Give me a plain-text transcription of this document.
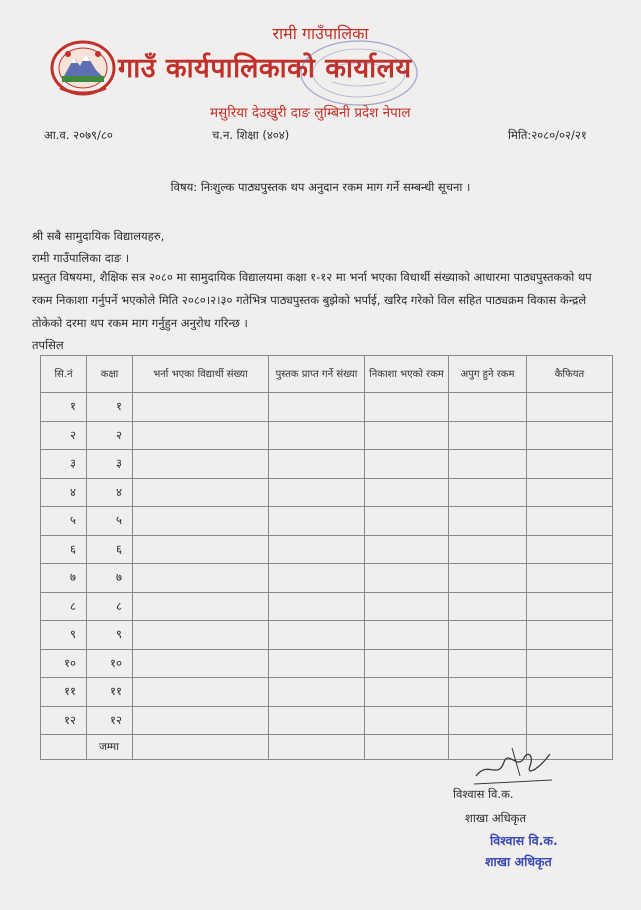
रामी गाउँपालिका
गाउँ कार्यपालिकाको कार्यालय
मसुरिया देउखुरी दाङ लुम्बिनी प्रदेश नेपाल
आ.व. २०७९/८०	च.न. शिक्षा (४०४)	मिति:२०८०/०२/२१
विषय: निःशुल्क पाठ्यपुस्तक थप अनुदान रकम माग गर्ने सम्बन्धी सूचना ।
श्री सबै सामुदायिक विद्यालयहरु,
रामी गाउँपालिका दाङ ।
प्रस्तुत विषयमा, शैक्षिक सत्र २०८० मा सामुदायिक विद्यालयमा कक्षा १-१२ मा भर्ना भएका विधार्थी संख्याको आधारमा पाठ्यपुस्तकको थप रकम निकाशा गर्नुपर्ने भएकोले मिति २०८०।२।३० गतेभित्र पाठ्यपुस्तक बुझेको भर्पाई, खरिद गरेको विल सहित पाठ्यक्रम विकास केन्द्रले तोकेको दरमा थप रकम माग गर्नुहुन अनुरोध गरिन्छ ।
तपसिल
सि.नं	कक्षा	भर्ना भएका विद्यार्थी संख्या	पुस्तक प्राप्त गर्ने संख्या	निकाशा भएको रकम	अपुग हुने रकम	कैफियत
१	१					
२	२					
३	३					
४	४					
५	५					
६	६					
७	७					
८	८					
९	९					
१०	१०					
११	११					
१२	१२					
	जम्मा					
विश्वास वि.क.
शाखा अधिकृत
विश्वास वि.क.
शाखा अधिकृत
